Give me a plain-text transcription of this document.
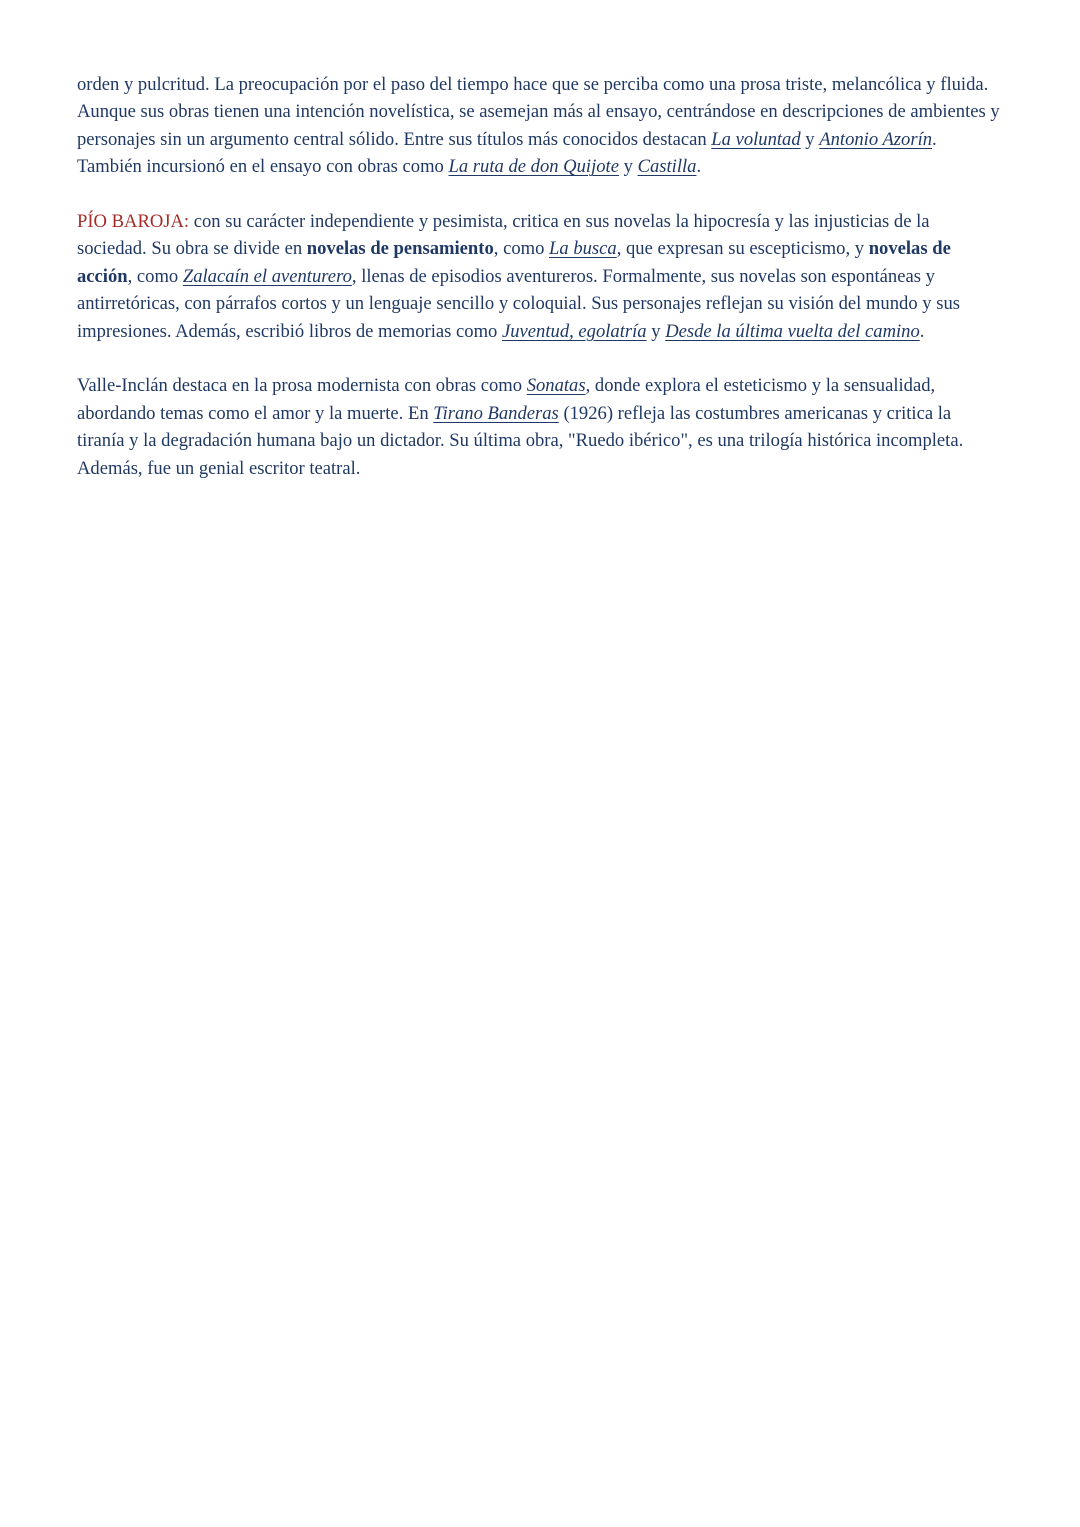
orden y pulcritud. La preocupación por el paso del tiempo hace que se perciba como una prosa triste, melancólica y fluida. Aunque sus obras tienen una intención novelística, se asemejan más al ensayo, centrándose en descripciones de ambientes y personajes sin un argumento central sólido. Entre sus títulos más conocidos destacan La voluntad y Antonio Azorín. También incursionó en el ensayo con obras como La ruta de don Quijote y Castilla.

PÍO BAROJA: con su carácter independiente y pesimista, critica en sus novelas la hipocresía y las injusticias de la sociedad. Su obra se divide en novelas de pensamiento, como La busca, que expresan su escepticismo, y novelas de acción, como Zalacaín el aventurero, llenas de episodios aventureros. Formalmente, sus novelas son espontáneas y antirretóricas, con párrafos cortos y un lenguaje sencillo y coloquial. Sus personajes reflejan su visión del mundo y sus impresiones. Además, escribió libros de memorias como Juventud, egolatría y Desde la última vuelta del camino.

Valle-Inclán destaca en la prosa modernista con obras como Sonatas, donde explora el esteticismo y la sensualidad, abordando temas como el amor y la muerte. En Tirano Banderas (1926) refleja las costumbres americanas y critica la tiranía y la degradación humana bajo un dictador. Su última obra, "Ruedo ibérico", es una trilogía histórica incompleta. Además, fue un genial escritor teatral.
